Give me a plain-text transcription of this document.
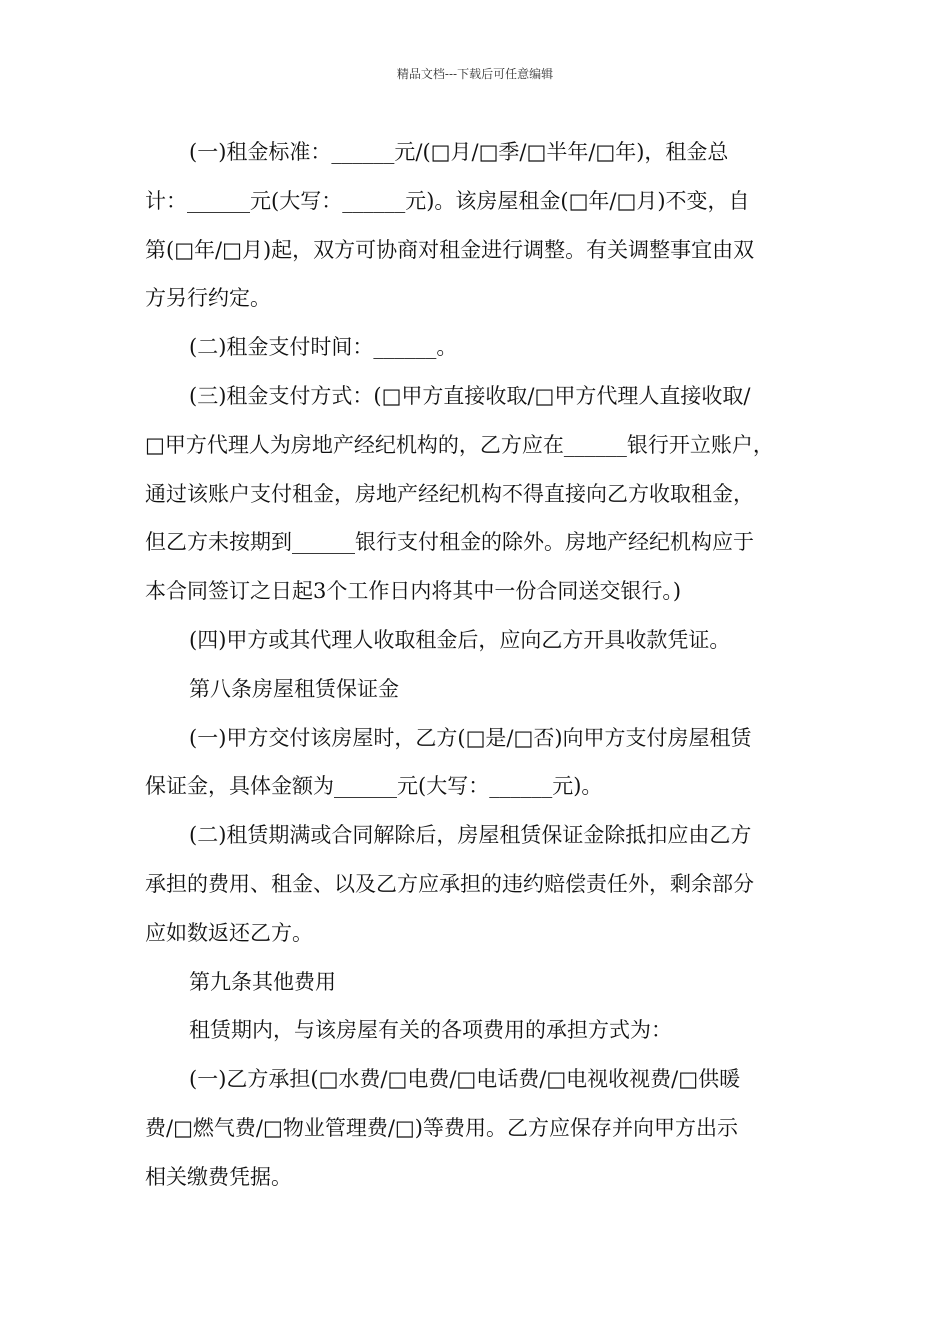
精品文档---下载后可任意编辑
(一)租金标准：______元/(□月/□季/□半年/□年)，租金总
计：______元(大写：______元)。该房屋租金(□年/□月)不变，自
第(□年/□月)起，双方可协商对租金进行调整。有关调整事宜由双
方另行约定。
(二)租金支付时间：______。
(三)租金支付方式：(□甲方直接收取/□甲方代理人直接收取/
□甲方代理人为房地产经纪机构的，乙方应在______银行开立账户，
通过该账户支付租金，房地产经纪机构不得直接向乙方收取租金，
但乙方未按期到______银行支付租金的除外。房地产经纪机构应于
本合同签订之日起3个工作日内将其中一份合同送交银行。)
(四)甲方或其代理人收取租金后，应向乙方开具收款凭证。
第八条房屋租赁保证金
(一)甲方交付该房屋时，乙方(□是/□否)向甲方支付房屋租赁
保证金，具体金额为______元(大写：______元)。
(二)租赁期满或合同解除后，房屋租赁保证金除抵扣应由乙方
承担的费用、租金、以及乙方应承担的违约赔偿责任外，剩余部分
应如数返还乙方。
第九条其他费用
租赁期内，与该房屋有关的各项费用的承担方式为：
(一)乙方承担(□水费/□电费/□电话费/□电视收视费/□供暖
费/□燃气费/□物业管理费/□)等费用。乙方应保存并向甲方出示
相关缴费凭据。
